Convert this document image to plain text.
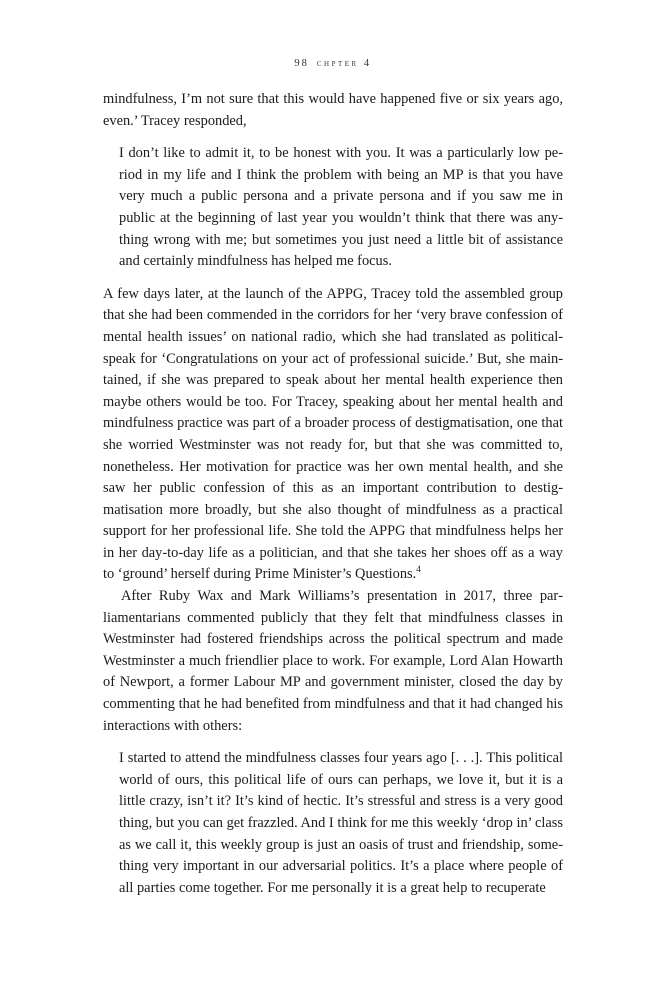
98 chpter 4

mindfulness, I’m not sure that this would have happened five or six years ago, even.’ Tracey responded,

I don’t like to admit it, to be honest with you. It was a particularly low period in my life and I think the problem with being an MP is that you have very much a public persona and a private persona and if you saw me in public at the beginning of last year you wouldn’t think that there was anything wrong with me; but sometimes you just need a little bit of assistance and certainly mindfulness has helped me focus.

A few days later, at the launch of the APPG, Tracey told the assembled group that she had been commended in the corridors for her ‘very brave confession of mental health issues’ on national radio, which she had translated as political-speak for ‘Congratulations on your act of professional suicide.’ But, she maintained, if she was prepared to speak about her mental health experience then maybe others would be too. For Tracey, speaking about her mental health and mindfulness practice was part of a broader process of destigmatisation, one that she worried Westminster was not ready for, but that she was committed to, nonetheless. Her motivation for practice was her own mental health, and she saw her public confession of this as an important contribution to destigmatisation more broadly, but she also thought of mindfulness as a practical support for her professional life. She told the APPG that mindfulness helps her in her day-to-day life as a politician, and that she takes her shoes off as a way to ‘ground’ herself during Prime Minister’s Questions.$^4$

After Ruby Wax and Mark Williams’s presentation in 2017, three parliamentarians commented publicly that they felt that mindfulness classes in Westminster had fostered friendships across the political spectrum and made Westminster a much friendlier place to work. For example, Lord Alan Howarth of Newport, a former Labour MP and government minister, closed the day by commenting that he had benefited from mindfulness and that it had changed his interactions with others:

I started to attend the mindfulness classes four years ago [. . .]. This political world of ours, this political life of ours can perhaps, we love it, but it is a little crazy, isn’t it? It’s kind of hectic. It’s stressful and stress is a very good thing, but you can get frazzled. And I think for me this weekly ‘drop in’ class as we call it, this weekly group is just an oasis of trust and friendship, something very important in our adversarial politics. It’s a place where people of all parties come together. For me personally it is a great help to recuperate
